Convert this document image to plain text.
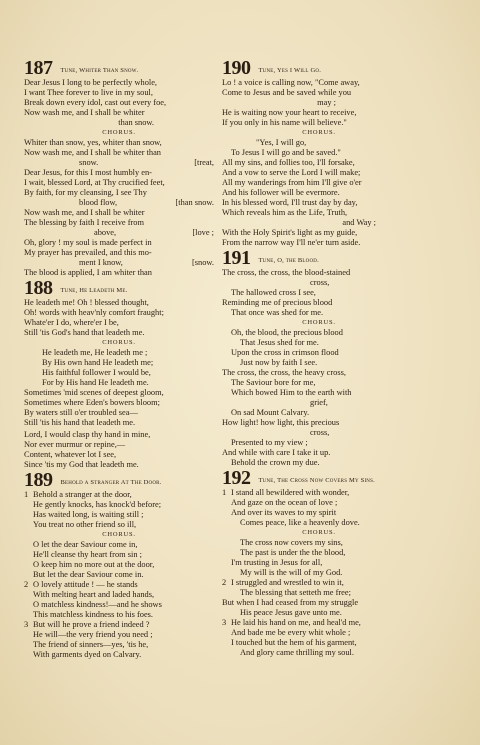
187 Tune, Whiter Than Snow.
Dear Jesus I long to be perfectly whole,
I want Thee forever to live in my soul,
Break down every idol, cast out every foe,
Now wash me, and I shall be whiter
than snow.
CHORUS.
Whiter than snow, yes, whiter than snow,
Now wash me, and I shall be whiter than
snow.	[treat,
Dear Jesus, for this I most humbly en-
I wait, blessed Lord, at Thy crucified feet,
By faith, for my cleansing, I see Thy
blood flow,	[than snow.
Now wash me, and I shall be whiter
The blessing by faith I receive from
above,	[love ;
Oh, glory ! my soul is made perfect in
My prayer has prevailed, and this mo-
ment I know,	[snow.
The blood is applied, I am whiter than
188 Tune, He Leadeth Me.
He leadeth me! Oh ! blessed thought,
Oh! words with heav'nly comfort fraught;
Whate'er I do, where'er I be,
Still 'tis God's hand that leadeth me.
CHORUS.
He leadeth me, He leadeth me ;
By His own hand He leadeth me;
His faithful follower I would be,
For by His hand He leadeth me.
Sometimes 'mid scenes of deepest gloom,
Sometimes where Eden's bowers bloom;
By waters still o'er troubled sea—
Still 'tis his hand that leadeth me.
Lord, I would clasp thy hand in mine,
Nor ever murmur or repine,—
Content, whatever lot I see,
Since 'tis my God that leadeth me.
189 Behold a Stranger At The Door.
1 Behold a stranger at the door,
He gently knocks, has knock'd before;
Has waited long, is waiting still ;
You treat no other friend so ill,
CHORUS.
O let the dear Saviour come in,
He'll cleanse thy heart from sin ;
O keep him no more out at the door,
But let the dear Saviour come in.
2 O lovely attitude ! — he stands
With melting heart and laded hands,
O matchless kindness!—and he shows
This matchless kindness to his foes.
3 But will he prove a friend indeed ?
He will—the very friend you need ;
The friend of sinners—yes, 'tis he,
With garments dyed on Calvary.
190 Tune, Yes I Will Go.
Lo ! a voice is calling now, "Come away,
Come to Jesus and be saved while you
may ;
He is waiting now your heart to receive,
If you only in his name will believe."
CHORUS.
"Yes, I will go,
To Jesus I will go and be saved."
All my sins, and follies too, I'll forsake,
And a vow to serve the Lord I will make;
All my wanderings from him I'll give o'er
And his follower will be evermore.
In his blessed word, I'll trust day by day,
Which reveals him as the Life, Truth,
and Way ;
With the Holy Spirit's light as my guide,
From the narrow way I'll ne'er turn aside.
191 Tune, O, the Blood.
The cross, the cross, the blood-stained
cross,
The hallowed cross I see,
Reminding me of precious blood
That once was shed for me.
CHORUS.
Oh, the blood, the precious blood
That Jesus shed for me.
Upon the cross in crimson flood
Just now by faith I see.
The cross, the cross, the heavy cross,
The Saviour bore for me,
Which bowed Him to the earth with
grief,
On sad Mount Calvary.
How light! how light, this precious
cross,
Presented to my view ;
And while with care I take it up.
Behold the crown my due.
192 Tune, The Cross Now Covers My Sins.
1 I stand all bewildered with wonder,
And gaze on the ocean of love ;
And over its waves to my spirit
Comes peace, like a heavenly dove.
CHORUS.
The cross now covers my sins,
The past is under the the blood,
I'm trusting in Jesus for all,
My will is the will of my God.
2 I struggled and wrestled to win it,
The blessing that setteth me free;
But when I had ceased from my struggle
His peace Jesus gave unto me.
3 He laid his hand on me, and heal'd me,
And bade me be every whit whole ;
I touched but the hem of his garment,
And glory came thrilling my soul.
